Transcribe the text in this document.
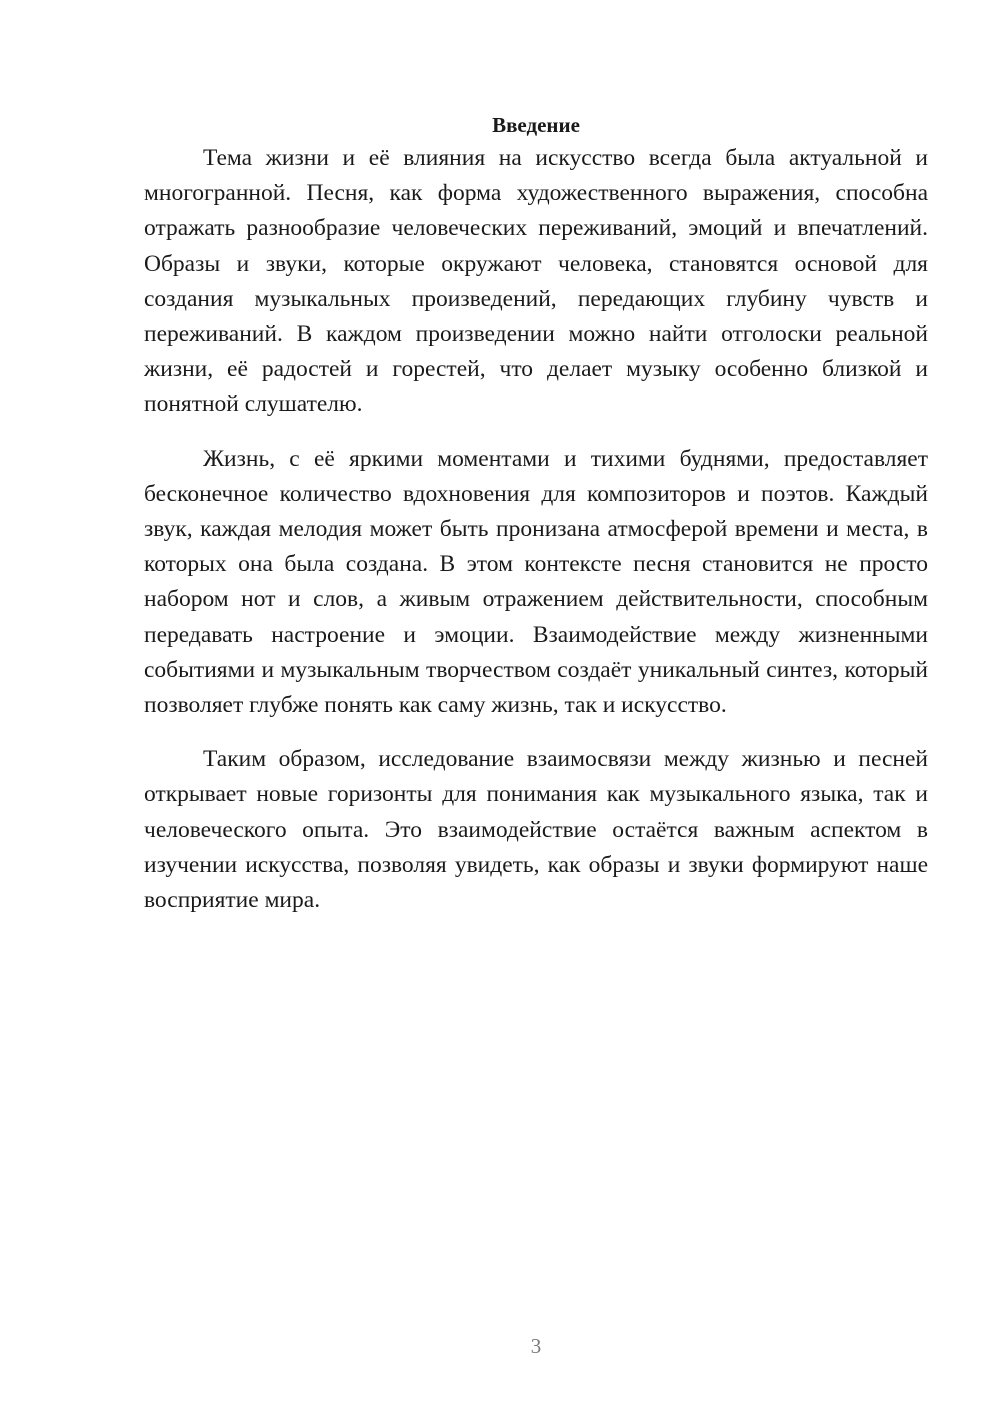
Введение

Тема жизни и её влияния на искусство всегда была актуальной и многогранной. Песня, как форма художественного выражения, способна отражать разнообразие человеческих переживаний, эмоций и впечатлений. Образы и звуки, которые окружают человека, становятся основой для создания музыкальных произведений, передающих глубину чувств и переживаний. В каждом произведении можно найти отголоски реальной жизни, её радостей и горестей, что делает музыку особенно близкой и понятной слушателю.

Жизнь, с её яркими моментами и тихими буднями, предоставляет бесконечное количество вдохновения для композиторов и поэтов. Каждый звук, каждая мелодия может быть пронизана атмосферой времени и места, в которых она была создана. В этом контексте песня становится не просто набором нот и слов, а живым отражением действительности, способным передавать настроение и эмоции. Взаимодействие между жизненными событиями и музыкальным творчеством создаёт уникальный синтез, который позволяет глубже понять как саму жизнь, так и искусство.

Таким образом, исследование взаимосвязи между жизнью и песней открывает новые горизонты для понимания как музыкального языка, так и человеческого опыта. Это взаимодействие остаётся важным аспектом в изучении искусства, позволяя увидеть, как образы и звуки формируют наше восприятие мира.

3
